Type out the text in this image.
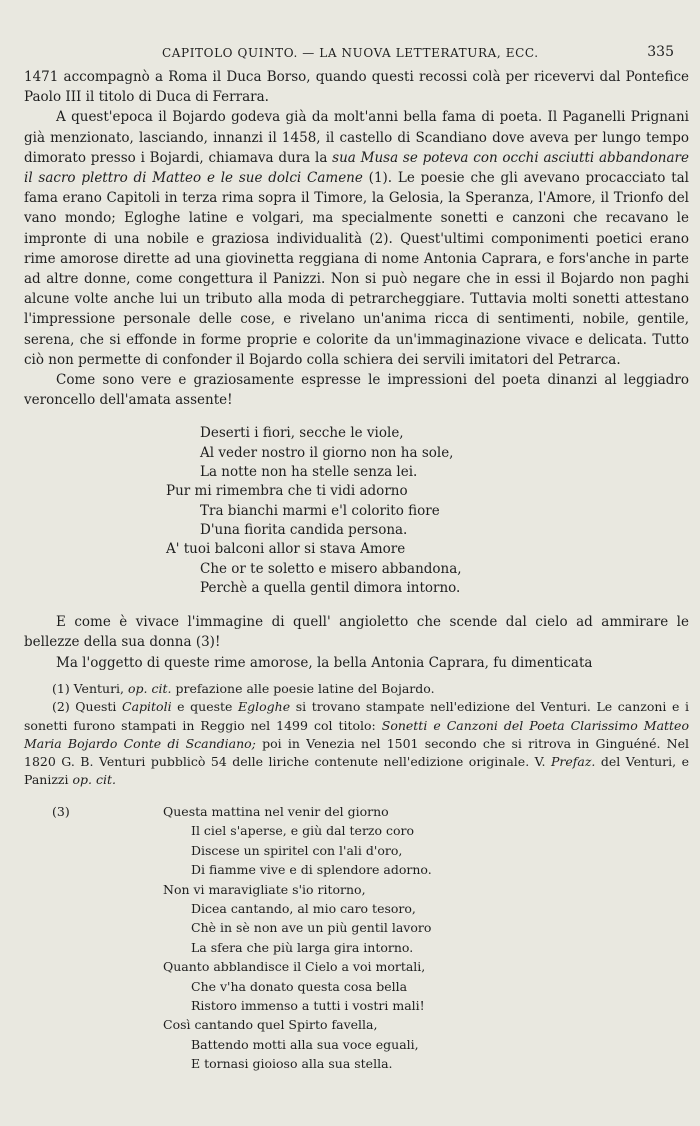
CAPITOLO QUINTO. — LA NUOVA LETTERATURA, ECC.	335

1471 accompagnò a Roma il Duca Borso, quando questi recossi colà per ricevervi dal Pontefice Paolo III il titolo di Duca di Ferrara.

A quest'epoca il Bojardo godeva già da molt'anni bella fama di poeta. Il Paganelli Prignani già menzionato, lasciando, innanzi il 1458, il castello di Scandiano dove aveva per lungo tempo dimorato presso i Bojardi, chiamava dura la sua Musa se poteva con occhi asciutti abbandonare il sacro plettro di Matteo e le sue dolci Camene (1). Le poesie che gli avevano procacciato tal fama erano Capitoli in terza rima sopra il Timore, la Gelosia, la Speranza, l'Amore, il Trionfo del vano mondo; Egloghe latine e volgari, ma specialmente sonetti e canzoni che recavano le impronte di una nobile e graziosa individualità (2). Quest'ultimi componimenti poetici erano rime amorose dirette ad una giovinetta reggiana di nome Antonia Caprara, e fors'anche in parte ad altre donne, come congettura il Panizzi. Non si può negare che in essi il Bojardo non paghi alcune volte anche lui un tributo alla moda di petrarcheggiare. Tuttavia molti sonetti attestano l'impressione personale delle cose, e rivelano un'anima ricca di sentimenti, nobile, gentile, serena, che si effonde in forme proprie e colorite da un'immaginazione vivace e delicata. Tutto ciò non permette di confonder il Bojardo colla schiera dei servili imitatori del Petrarca.

Come sono vere e graziosamente espresse le impressioni del poeta dinanzi al leggiadro veroncello dell'amata assente!

Deserti i fiori, secche le viole,
Al veder nostro il giorno non ha sole,
La notte non ha stelle senza lei.
Pur mi rimembra che ti vidi adorno
Tra bianchi marmi e'l colorito fiore
D'una fiorita candida persona.
A' tuoi balconi allor si stava Amore
Che or te soletto e misero abbandona,
Perchè a quella gentil dimora intorno.

E come è vivace l'immagine di quell' angioletto che scende dal cielo ad ammirare le bellezze della sua donna (3)!

Ma l'oggetto di queste rime amorose, la bella Antonia Caprara, fu dimenticata

(1) Venturi, op. cit. prefazione alle poesie latine del Bojardo.

(2) Questi Capitoli e queste Egloghe si trovano stampate nell'edizione del Venturi. Le canzoni e i sonetti furono stampati in Reggio nel 1499 col titolo: Sonetti e Canzoni del Poeta Clarissimo Matteo Maria Bojardo Conte di Scandiano; poi in Venezia nel 1501 secondo che si ritrova in Ginguéné. Nel 1820 G. B. Venturi pubblicò 54 delle liriche contenute nell'edizione originale. V. Prefaz. del Venturi, e Panizzi op. cit.

(3)	Questa mattina nel venir del giorno
Il ciel s'aperse, e giù dal terzo coro
Discese un spiritel con l'ali d'oro,
Di fiamme vive e di splendore adorno.
Non vi maravigliate s'io ritorno,
Dicea cantando, al mio caro tesoro,
Chè in sè non ave un più gentil lavoro
La sfera che più larga gira intorno.
Quanto abblandisce il Cielo a voi mortali,
Che v'ha donato questa cosa bella
Ristoro immenso a tutti i vostri mali!
Così cantando quel Spirto favella,
Battendo motti alla sua voce eguali,
E tornasi gioioso alla sua stella.
